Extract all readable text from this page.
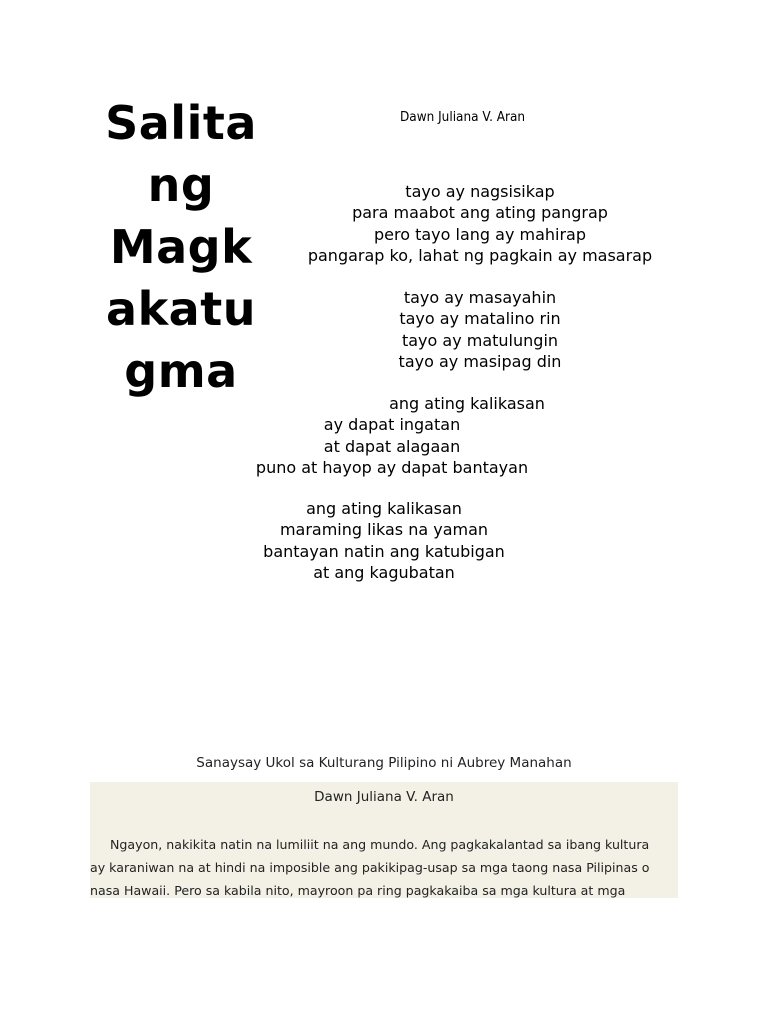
Salita
ng
Magk
akatu
gma
Dawn Juliana V. Aran
tayo ay nagsisikap
para maabot ang ating pangrap
pero tayo lang ay mahirap
pangarap ko, lahat ng pagkain ay masarap
tayo ay masayahin
tayo ay matalino rin
tayo ay matulungin
tayo ay masipag din
ang ating kalikasan
ay dapat ingatan
at dapat alagaan
puno at hayop ay dapat bantayan
ang ating kalikasan
maraming likas na yaman
bantayan natin ang katubigan
at ang kagubatan
Sanaysay Ukol sa Kulturang Pilipino ni Aubrey Manahan
Dawn Juliana V. Aran
Ngayon, nakikita natin na lumiliit na ang mundo. Ang pagkakalantad sa ibang kultura
ay karaniwan na at hindi na imposible ang pakikipag-usap sa mga taong nasa Pilipinas o
nasa Hawaii. Pero sa kabila nito, mayroon pa ring pagkakaiba sa mga kultura at mga
